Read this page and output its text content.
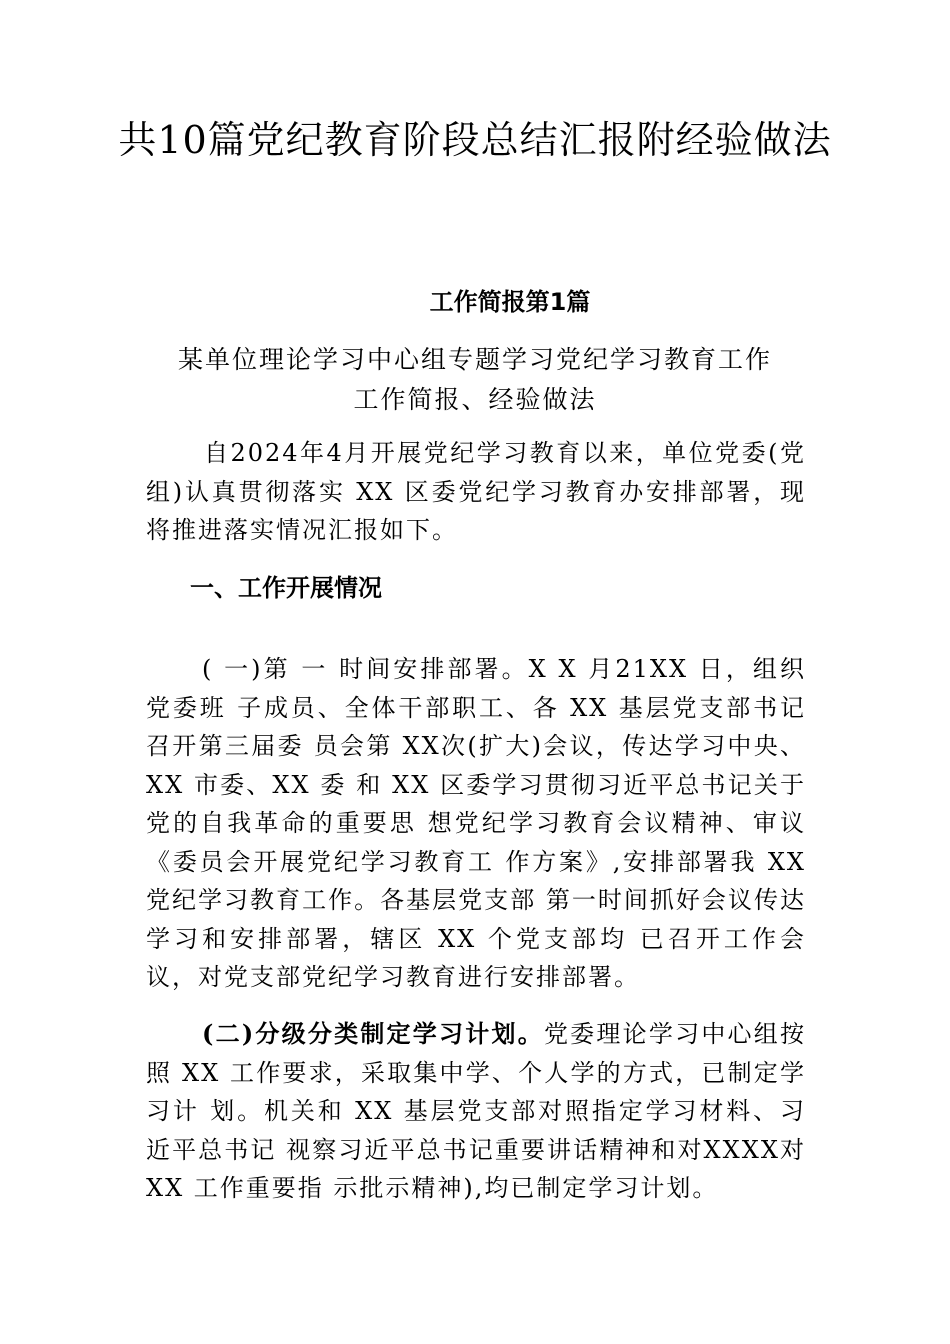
共10篇党纪教育阶段总结汇报附经验做法
工作简报第1篇
某单位理论学习中心组专题学习党纪学习教育工作
工作简报、经验做法
自2024年4月开展党纪学习教育以来，单位党委(党 组)认真贯彻落实 XX 区委党纪学习教育办安排部署，现 将推进落实情况汇报如下。
一、工作开展情况
( 一)第 一 时间安排部署。X X 月21XX 日，组织党委班 子成员、全体干部职工、各 XX 基层党支部书记召开第三届委 员会第 XX次(扩大)会议，传达学习中央、 XX 市委、XX 委 和 XX 区委学习贯彻习近平总书记关于党的自我革命的重要思 想党纪学习教育会议精神、审议《委员会开展党纪学习教育工 作方案》,安排部署我 XX 党纪学习教育工作。各基层党支部 第一时间抓好会议传达学习和安排部署，辖区 XX 个党支部均 已召开工作会议，对党支部党纪学习教育进行安排部署。
(二)分级分类制定学习计划。党委理论学习中心组按照 XX 工作要求，采取集中学、个人学的方式，已制定学习计 划。机关和 XX 基层党支部对照指定学习材料、习近平总书记 视察习近平总书记重要讲话精神和对XXXX对 XX 工作重要指 示批示精神),均已制定学习计划。
